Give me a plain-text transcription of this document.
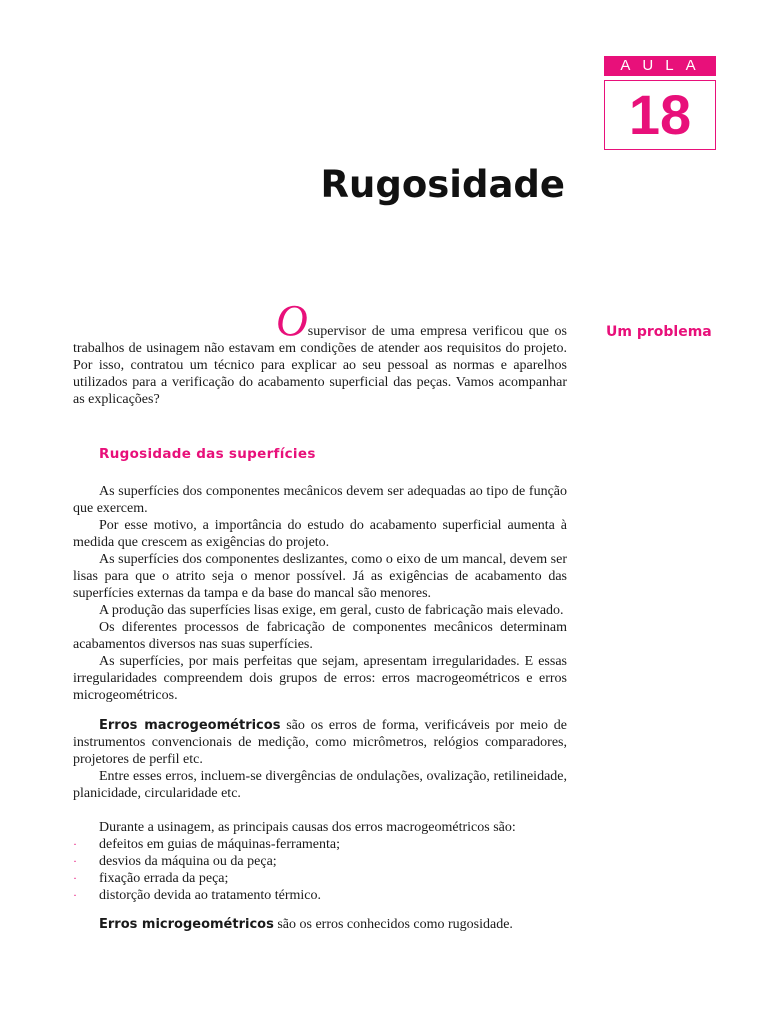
AULA
18
Rugosidade
Um problema

Osupervisor de uma empresa verificou que os trabalhos de usinagem não estavam em condições de atender aos requisitos do projeto. Por isso, contratou um técnico para explicar ao seu pessoal as normas e aparelhos utilizados para a verificação do acabamento superficial das peças. Vamos acompanhar as explicações?

Rugosidade das superfícies

As superfícies dos componentes mecânicos devem ser adequadas ao tipo de função que exercem.

Por esse motivo, a importância do estudo do acabamento superficial aumenta à medida que crescem as exigências do projeto.

As superfícies dos componentes deslizantes, como o eixo de um mancal, devem ser lisas para que o atrito seja o menor possível. Já as exigências de acabamento das superfícies externas da tampa e da base do mancal são menores.

A produção das superfícies lisas exige, em geral, custo de fabricação mais elevado.

Os diferentes processos de fabricação de componentes mecânicos determinam acabamentos diversos nas suas superfícies.

As superfícies, por mais perfeitas que sejam, apresentam irregularidades. E essas irregularidades compreendem dois grupos de erros: erros macrogeométricos e erros microgeométricos.

Erros macrogeométricos são os erros de forma, verificáveis por meio de instrumentos convencionais de medição, como micrômetros, relógios comparadores, projetores de perfil etc.

Entre esses erros, incluem-se divergências de ondulações, ovalização, retilineidade, planicidade, circularidade etc.

Durante a usinagem, as principais causas dos erros macrogeométricos são:

· defeitos em guias de máquinas-ferramenta;
· desvios da máquina ou da peça;
· fixação errada da peça;
· distorção devida ao tratamento térmico.

Erros microgeométricos são os erros conhecidos como rugosidade.
